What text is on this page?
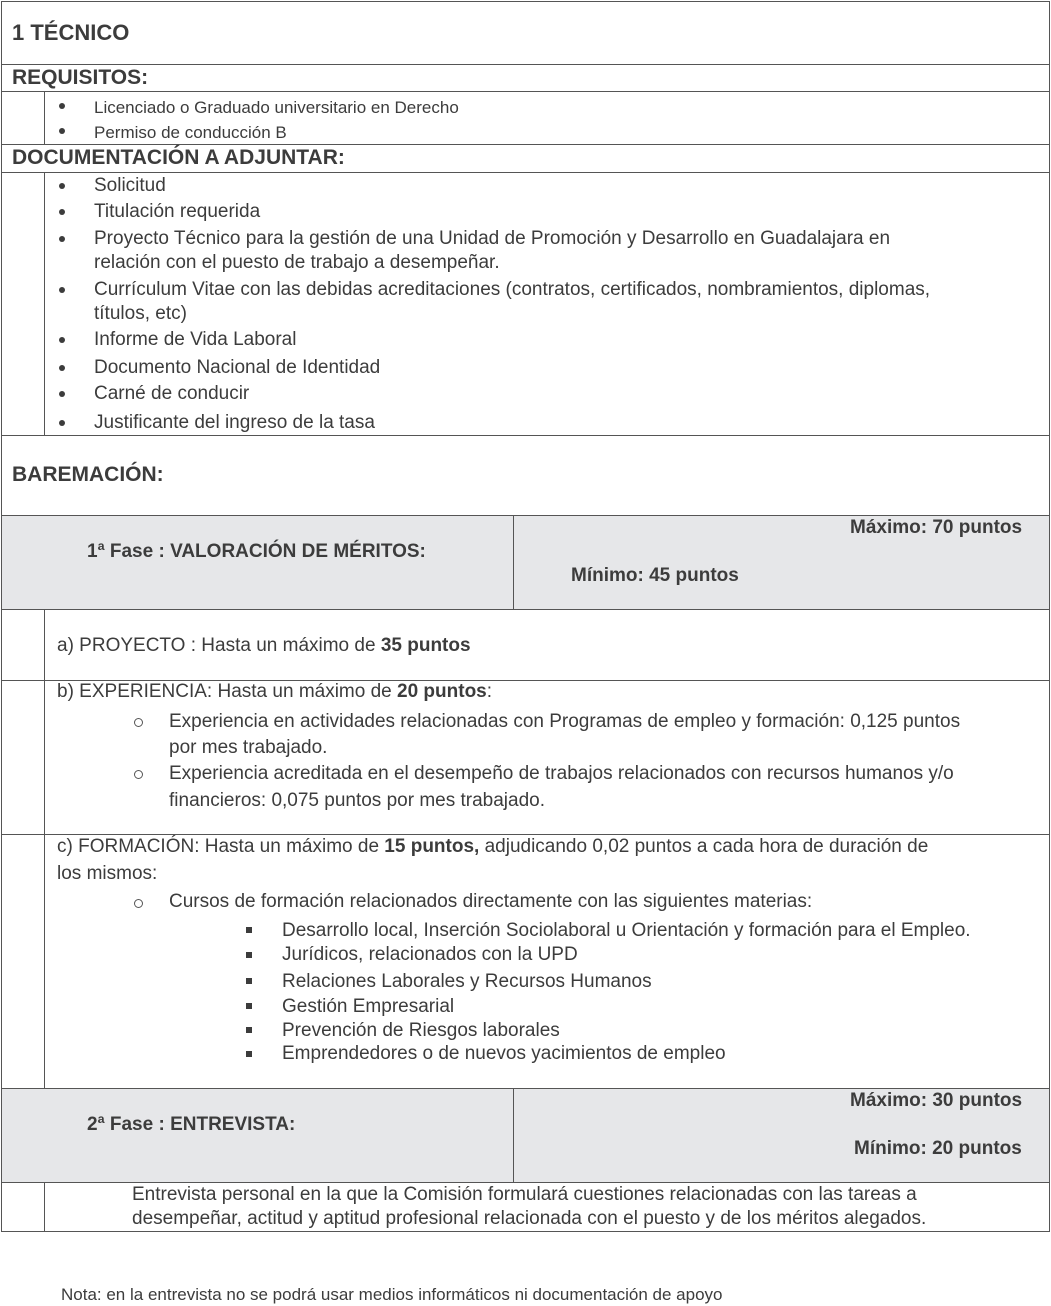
1 TÉCNICO
REQUISITOS:
Licenciado o Graduado universitario en Derecho
Permiso de conducción B
DOCUMENTACIÓN A ADJUNTAR:
Solicitud
Titulación requerida
Proyecto Técnico para la gestión de una Unidad de Promoción y Desarrollo en Guadalajara en
relación con el puesto de trabajo a desempeñar.
Currículum Vitae con las debidas acreditaciones (contratos, certificados, nombramientos, diplomas,
títulos, etc)
Informe de Vida Laboral
Documento Nacional de Identidad
Carné de conducir
Justificante del ingreso de la tasa
BAREMACIÓN:
1ª Fase : VALORACIÓN DE MÉRITOS:
Máximo: 70 puntos
Mínimo: 45 puntos
a) PROYECTO : Hasta un máximo de 35 puntos
b) EXPERIENCIA: Hasta un máximo de 20 puntos:
Experiencia en actividades relacionadas con Programas de empleo y formación: 0,125 puntos
por mes trabajado.
Experiencia acreditada en el desempeño de trabajos relacionados con recursos humanos y/o
financieros: 0,075 puntos por mes trabajado.
c) FORMACIÓN: Hasta un máximo de 15 puntos, adjudicando 0,02 puntos a cada hora de duración de
los mismos:
Cursos de formación relacionados directamente con las siguientes materias:
Desarrollo local, Inserción Sociolaboral u Orientación y formación para el Empleo.
Jurídicos, relacionados con la UPD
Relaciones Laborales y Recursos Humanos
Gestión Empresarial
Prevención de Riesgos laborales
Emprendedores o de nuevos yacimientos de empleo
2ª Fase : ENTREVISTA:
Máximo: 30 puntos
Mínimo: 20 puntos
Entrevista personal en la que la Comisión formulará cuestiones relacionadas con las tareas a
desempeñar, actitud y aptitud profesional relacionada con el puesto y de los méritos alegados.
Nota: en la entrevista no se podrá usar medios informáticos ni documentación de apoyo
